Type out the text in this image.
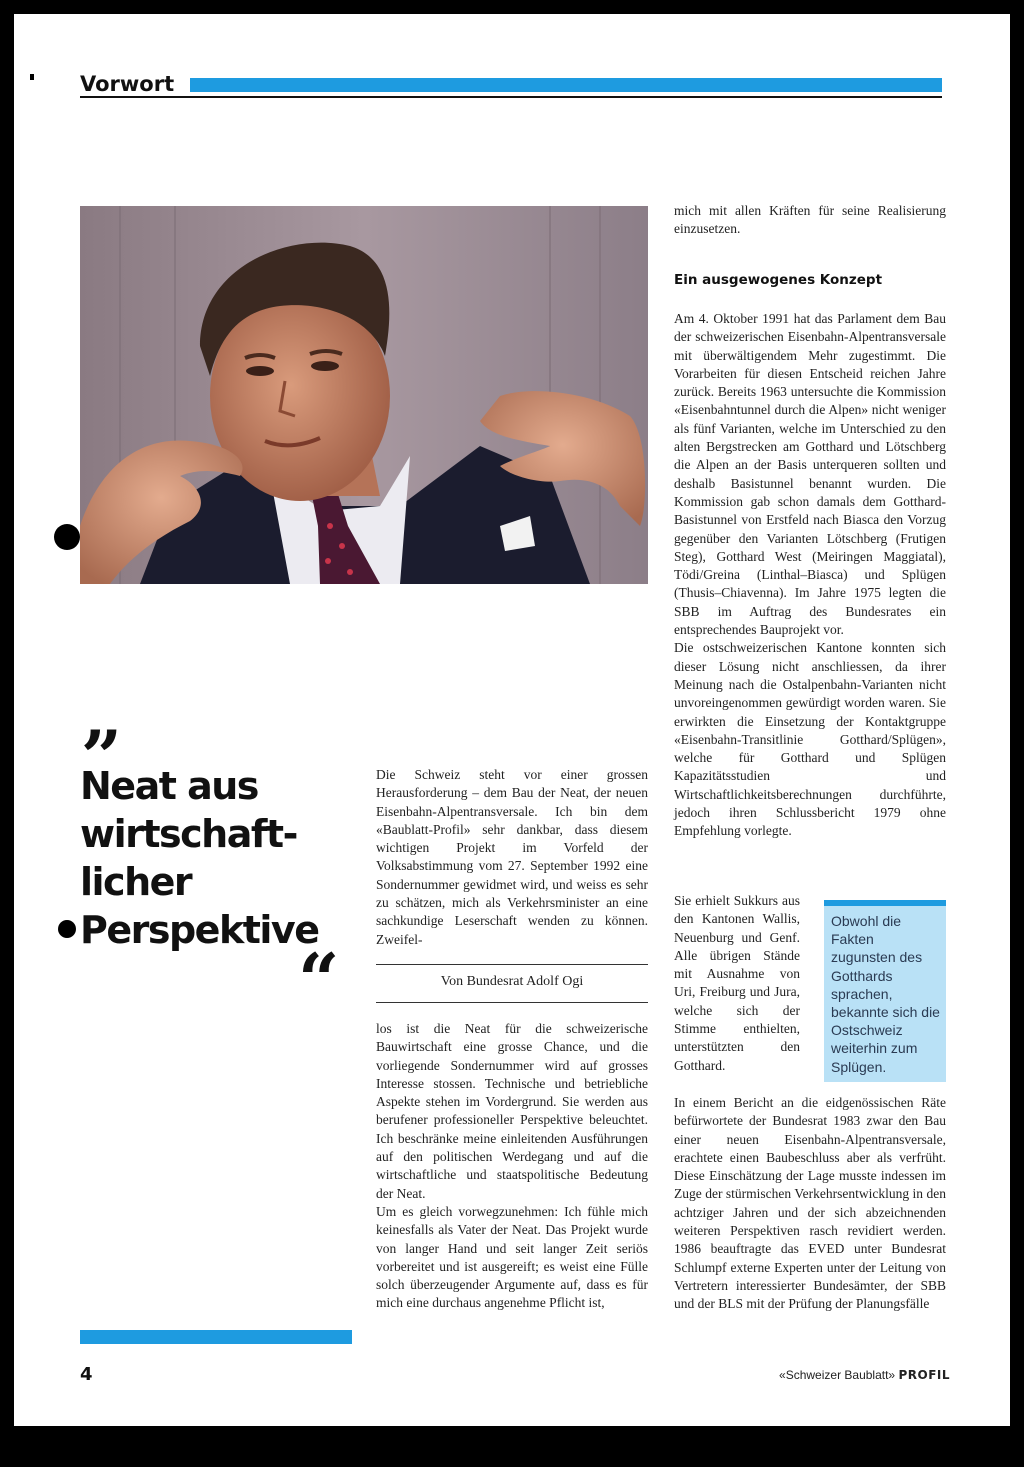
Vorwort
„
Neat aus
wirtschaft-
licher
Perspektive
“

Die Schweiz steht vor einer grossen Herausforderung – dem Bau der Neat, der neuen Eisenbahn-Alpentransversale. Ich bin dem «Baublatt-Profil» sehr dankbar, dass diesem wichtigen Projekt im Vorfeld der Volksabstimmung vom 27. September 1992 eine Sondernummer gewidmet wird, und weiss es sehr zu schätzen, mich als Verkehrsminister an eine sachkundige Leserschaft wenden zu können. Zweifel-

Von Bundesrat Adolf Ogi

los ist die Neat für die schweizerische Bauwirtschaft eine grosse Chance, und die vorliegende Sondernummer wird auf grosses Interesse stossen. Technische und betriebliche Aspekte stehen im Vordergrund. Sie werden aus berufener professioneller Perspektive beleuchtet. Ich beschränke meine einleitenden Ausführungen auf den politischen Werdegang und auf die wirtschaftliche und staatspolitische Bedeutung der Neat.

Um es gleich vorwegzunehmen: Ich fühle mich keinesfalls als Vater der Neat. Das Projekt wurde von langer Hand und seit langer Zeit seriös vorbereitet und ist ausgereift; es weist eine Fülle solch überzeugender Argumente auf, dass es für mich eine durchaus angenehme Pflicht ist,

mich mit allen Kräften für seine Realisierung einzusetzen.

Ein ausgewogenes Konzept

Am 4. Oktober 1991 hat das Parlament dem Bau der schweizerischen Eisenbahn-Alpentransversale mit überwältigendem Mehr zugestimmt. Die Vorarbeiten für diesen Entscheid reichen Jahre zurück. Bereits 1963 untersuchte die Kommission «Eisenbahntunnel durch die Alpen» nicht weniger als fünf Varianten, welche im Unterschied zu den alten Bergstrecken am Gotthard und Lötschberg die Alpen an der Basis unterqueren sollten und deshalb Basistunnel benannt wurden. Die Kommission gab schon damals dem Gotthard-Basistunnel von Erstfeld nach Biasca den Vorzug gegenüber den Varianten Lötschberg (Frutigen Steg), Gotthard West (Meiringen Maggiatal), Tödi/Greina (Linthal–Biasca) und Splügen (Thusis–Chiavenna). Im Jahre 1975 legten die SBB im Auftrag des Bundesrates ein entsprechendes Bauprojekt vor.

Die ostschweizerischen Kantone konnten sich dieser Lösung nicht anschliessen, da ihrer Meinung nach die Ostalpenbahn-Varianten nicht unvoreingenommen gewürdigt worden waren. Sie erwirkten die Einsetzung der Kontaktgruppe «Eisenbahn-Transitlinie Gotthard/Splügen», welche für Gotthard und Splügen Kapazitätsstudien und Wirtschaftlichkeitsberechnungen durchführte, jedoch ihren Schlussbericht 1979 ohne Empfehlung vorlegte.

Sie erhielt Sukkurs aus den Kantonen Wallis, Neuenburg und Genf. Alle übrigen Stände mit Ausnahme von Uri, Freiburg und Jura, welche sich der Stimme enthielten, unterstützten den Gotthard.

Obwohl die Fakten zugunsten des Gotthards sprachen, bekannte sich die Ostschweiz weiterhin zum Splügen.

In einem Bericht an die eidgenössischen Räte befürwortete der Bundesrat 1983 zwar den Bau einer neuen Eisenbahn-Alpentransversale, erachtete einen Baubeschluss aber als verfrüht. Diese Einschätzung der Lage musste indessen im Zuge der stürmischen Verkehrsentwicklung in den achtziger Jahren und der sich abzeichnenden weiteren Perspektiven rasch revidiert werden. 1986 beauftragte das EVED unter Bundesrat Schlumpf externe Experten unter der Leitung von Vertretern interessierter Bundesämter, der SBB und der BLS mit der Prüfung der Planungsfälle

4	«Schweizer Baublatt» PROFIL
